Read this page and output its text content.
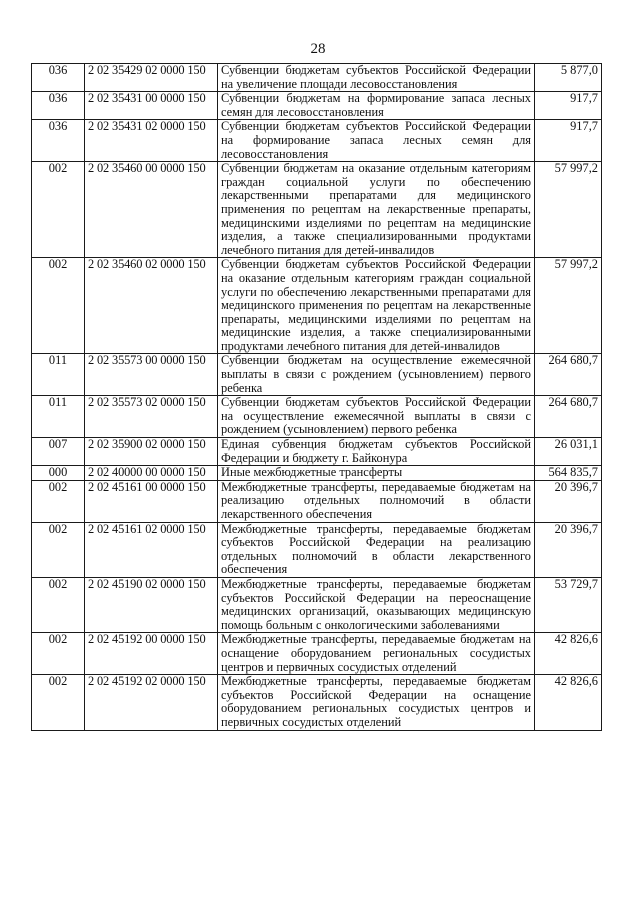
28
036	2 02 35429 02 0000 150	Субвенции бюджетам субъектов Российской Федерации на увеличение площади лесовосстановления	5 877,0
036	2 02 35431 00 0000 150	Субвенции бюджетам на формирование запаса лесных семян для лесовосстановления	917,7
036	2 02 35431 02 0000 150	Субвенции бюджетам субъектов Российской Федерации на формирование запаса лесных семян для лесовосстановления	917,7
002	2 02 35460 00 0000 150	Субвенции бюджетам на оказание отдельным категориям граждан социальной услуги по обеспечению лекарственными препаратами для медицинского применения по рецептам на лекарственные препараты, медицинскими изделиями по рецептам на медицинские изделия, а также специализированными продуктами лечебного питания для детей-инвалидов	57 997,2
002	2 02 35460 02 0000 150	Субвенции бюджетам субъектов Российской Федерации на оказание отдельным категориям граждан социальной услуги по обеспечению лекарственными препаратами для медицинского применения по рецептам на лекарственные препараты, медицинскими изделиями по рецептам на медицинские изделия, а также специализированными продуктами лечебного питания для детей-инвалидов	57 997,2
011	2 02 35573 00 0000 150	Субвенции бюджетам на осуществление ежемесячной выплаты в связи с рождением (усыновлением) первого ребенка	264 680,7
011	2 02 35573 02 0000 150	Субвенции бюджетам субъектов Российской Федерации на осуществление ежемесячной выплаты в связи с рождением (усыновлением) первого ребенка	264 680,7
007	2 02 35900 02 0000 150	Единая субвенция бюджетам субъектов Российской Федерации и бюджету г. Байконура	26 031,1
000	2 02 40000 00 0000 150	Иные межбюджетные трансферты	564 835,7
002	2 02 45161 00 0000 150	Межбюджетные трансферты, передаваемые бюджетам на реализацию отдельных полномочий в области лекарственного обеспечения	20 396,7
002	2 02 45161 02 0000 150	Межбюджетные трансферты, передаваемые бюджетам субъектов Российской Федерации на реализацию отдельных полномочий в области лекарственного обеспечения	20 396,7
002	2 02 45190 02 0000 150	Межбюджетные трансферты, передаваемые бюджетам субъектов Российской Федерации на переоснащение медицинских организаций, оказывающих медицинскую помощь больным с онкологическими заболеваниями	53 729,7
002	2 02 45192 00 0000 150	Межбюджетные трансферты, передаваемые бюджетам на оснащение оборудованием региональных сосудистых центров и первичных сосудистых отделений	42 826,6
002	2 02 45192 02 0000 150	Межбюджетные трансферты, передаваемые бюджетам субъектов Российской Федерации на оснащение оборудованием региональных сосудистых центров и первичных сосудистых отделений	42 826,6
